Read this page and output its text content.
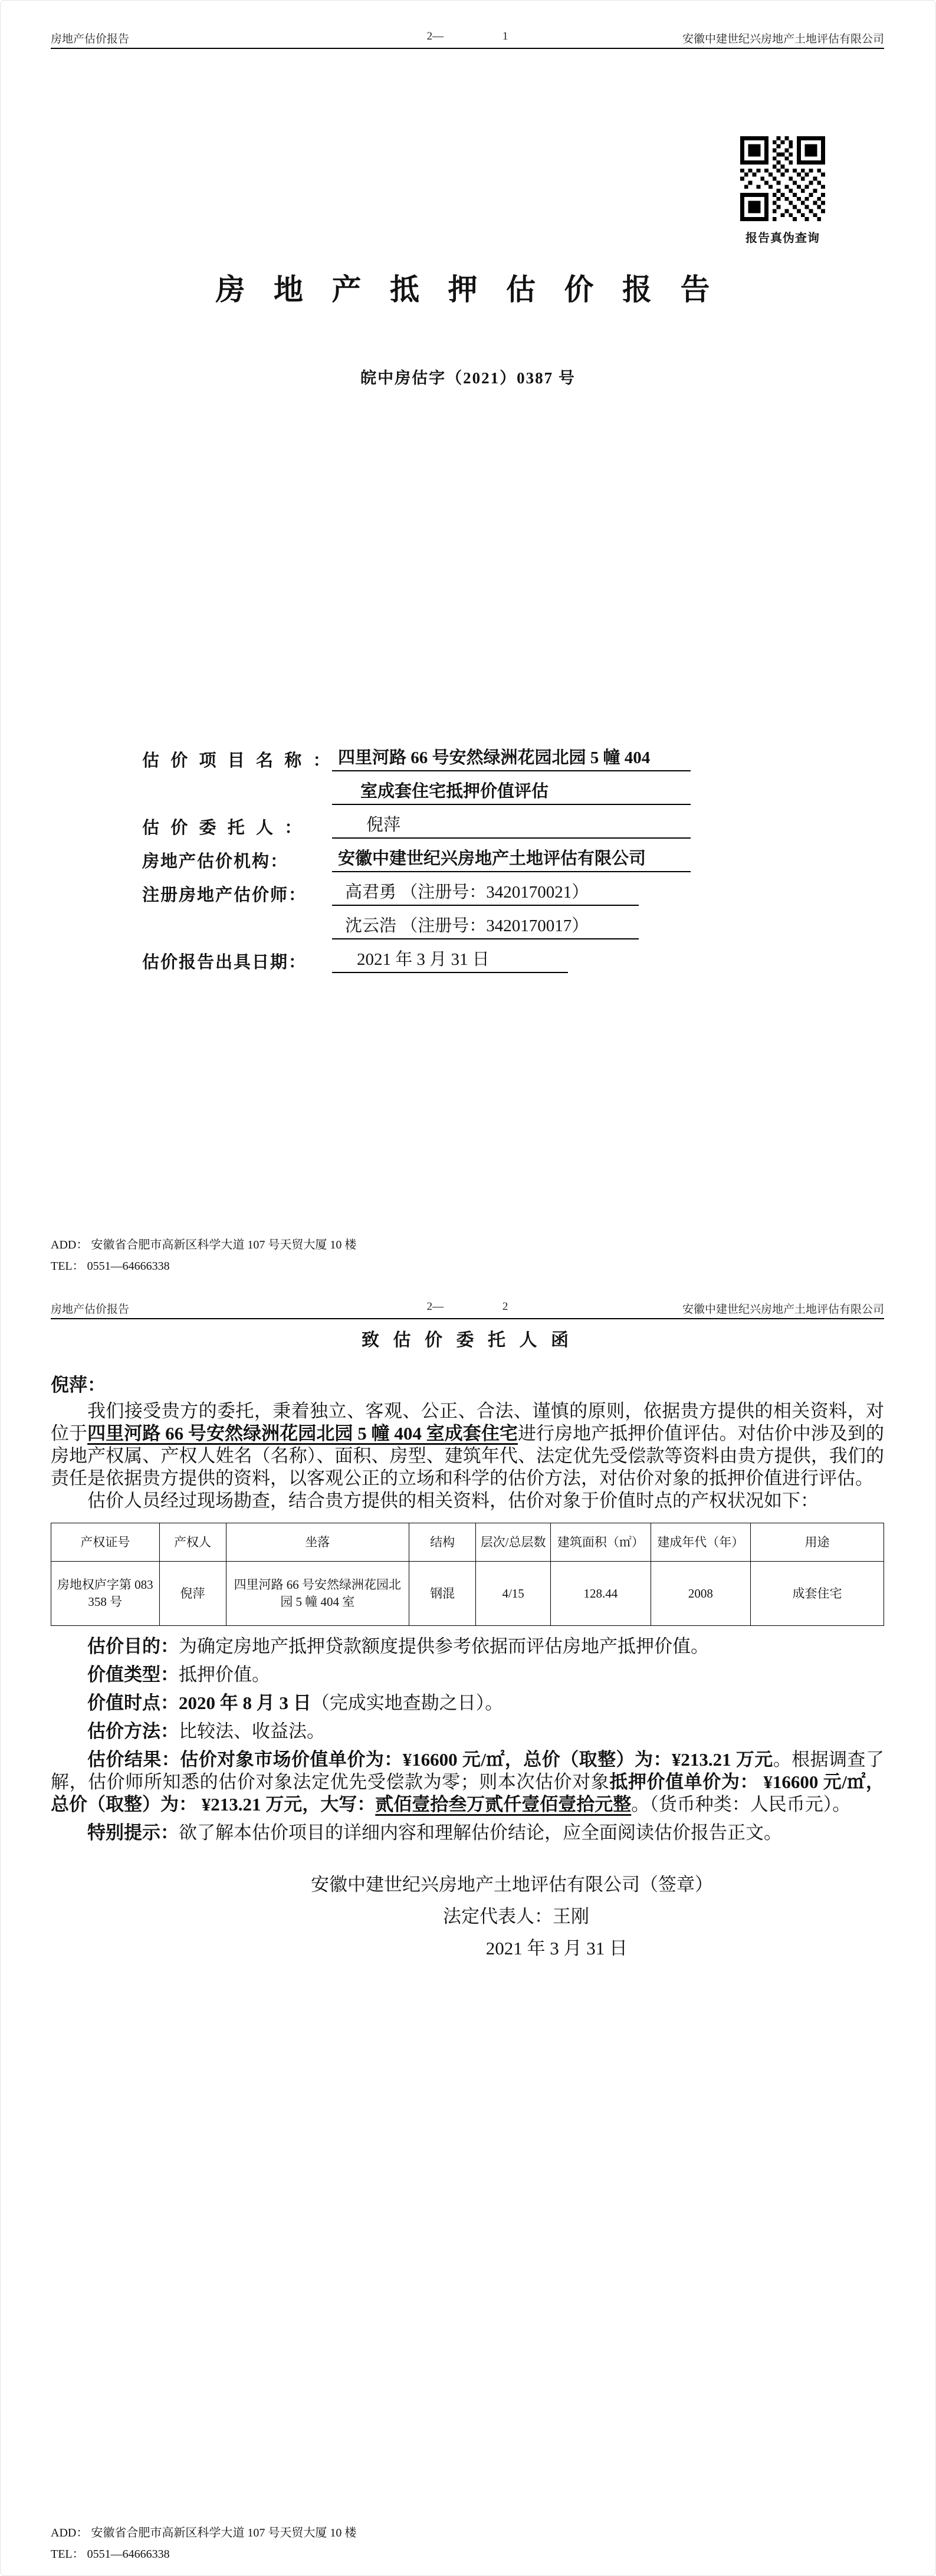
房地产估价报告	2—	1	安徽中建世纪兴房地产土地评估有限公司
报告真伪查询
房 地 产 抵 押 估 价 报 告
皖中房估字（2021）0387 号
估 价 项 目 名 称 ： 四里河路 66 号安然绿洲花园北园 5 幢 404
室成套住宅抵押价值评估
估 价 委 托 人 ：	倪萍
房地产估价机构：	安徽中建世纪兴房地产土地评估有限公司
注册房地产估价师：	高君勇 （注册号：3420170021）
沈云浩 （注册号：3420170017）
估价报告出具日期：	2021 年 3 月 31 日
ADD： 安徽省合肥市高新区科学大道 107 号天贸大厦 10 楼
TEL： 0551—64666338
房地产估价报告	2—	2	安徽中建世纪兴房地产土地评估有限公司
致 估 价 委 托 人 函

倪萍：

我们接受贵方的委托，秉着独立、客观、公正、合法、谨慎的原则，依据贵方提供的相关资料，对位于四里河路 66 号安然绿洲花园北园 5 幢 404 室成套住宅进行房地产抵押价值评估。对估价中涉及到的房地产权属、产权人姓名（名称）、面积、房型、建筑年代、法定优先受偿款等资料由贵方提供，我们的责任是依据贵方提供的资料，以客观公正的立场和科学的估价方法，对估价对象的抵押价值进行评估。

估价人员经过现场勘查，结合贵方提供的相关资料，估价对象于价值时点的产权状况如下：

产权证号	产权人	坐落	结构	层次/总层数	建筑面积（㎡）	建成年代（年）	用途
房地权庐字第 083358 号	倪萍	四里河路 66 号安然绿洲花园北园 5 幢 404 室	钢混	4/15	128.44	2008	成套住宅

估价目的：为确定房地产抵押贷款额度提供参考依据而评估房地产抵押价值。

价值类型：抵押价值。

价值时点：2020 年 8 月 3 日（完成实地查勘之日）。

估价方法：比较法、收益法。

估价结果：估价对象市场价值单价为：¥16600 元/㎡，总价（取整）为：¥213.21 万元。根据调查了解，估价师所知悉的估价对象法定优先受偿款为零；则本次估价对象抵押价值单价为： ¥16600 元/㎡，总价（取整）为： ¥213.21 万元，大写：贰佰壹拾叁万贰仟壹佰壹拾元整。（货币种类：人民币元）。

特别提示：欲了解本估价项目的详细内容和理解估价结论，应全面阅读估价报告正文。

安徽中建世纪兴房地产土地评估有限公司（签章）
法定代表人：王刚
2021 年 3 月 31 日
ADD： 安徽省合肥市高新区科学大道 107 号天贸大厦 10 楼
TEL： 0551—64666338
